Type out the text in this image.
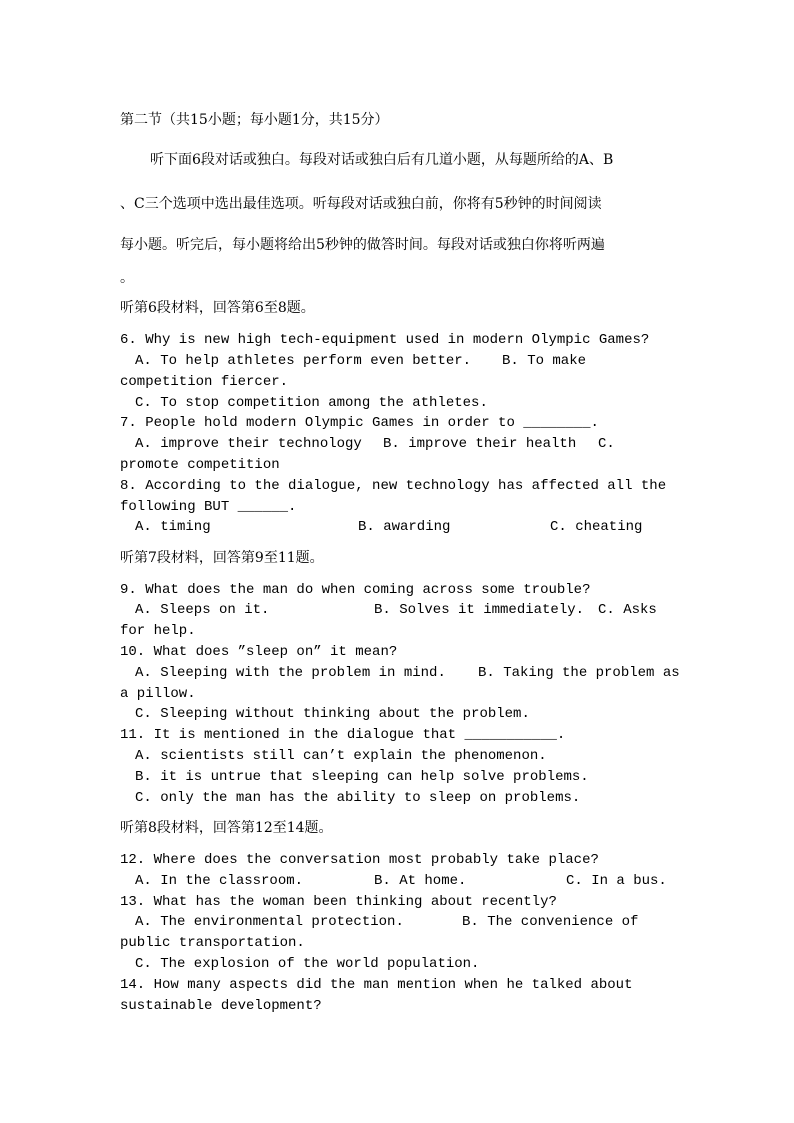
第二节（共15小题；每小题1分，共15分）
听下面6段对话或独白。每段对话或独白后有几道小题，从每题所给的A、B
、C三个选项中选出最佳选项。听每段对话或独白前，你将有5秒钟的时间阅读
每小题。听完后，每小题将给出5秒钟的做答时间。每段对话或独白你将听两遍
。
听第6段材料，回答第6至8题。
6. Why is new high tech-equipment used in modern Olympic Games?
A. To help athletes perform even better. B. To make
competition fiercer.
C. To stop competition among the athletes.
7. People hold modern Olympic Games in order to ________.
A. improve their technology B. improve their health C.
promote competition
8. According to the dialogue, new technology has affected all the
following BUT ______.
A. timing	B. awarding	C. cheating
听第7段材料，回答第9至11题。
9. What does the man do when coming across some trouble?
A. Sleeps on it.	B. Solves it immediately. C. Asks
for help.
10. What does ”sleep on” it mean?
A. Sleeping with the problem in mind. B. Taking the problem as
a pillow.
C. Sleeping without thinking about the problem.
11. It is mentioned in the dialogue that ___________.
A. scientists still can’t explain the phenomenon.
B. it is untrue that sleeping can help solve problems.
C. only the man has the ability to sleep on problems.
听第8段材料，回答第12至14题。
12. Where does the conversation most probably take place?
A. In the classroom.	B. At home.	C. In a bus.
13. What has the woman been thinking about recently?
A. The environmental protection.	B. The convenience of
public transportation.
C. The explosion of the world population.
14. How many aspects did the man mention when he talked about
sustainable development?
